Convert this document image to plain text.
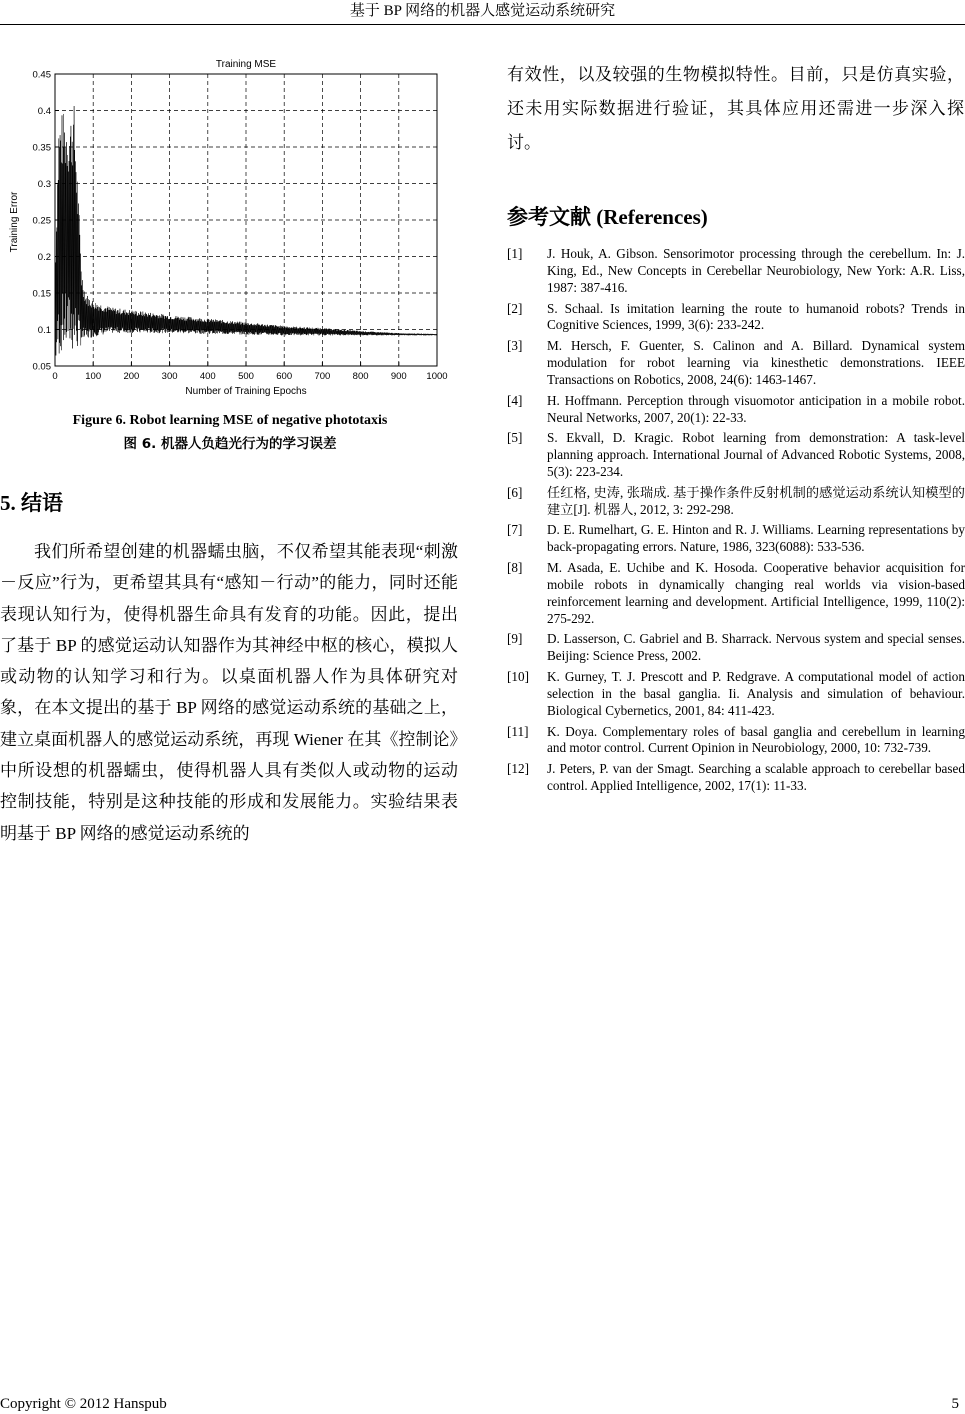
基于 BP 网络的机器人感觉运动系统研究
0	100 200 300 400 500 600 700 800 900 1000
0.05
0.1
0.15
0.2
0.25
0.3
0.35
0.4
0.45
Training MSE
Number of Training Epochs
Training Error
Figure 6. Robot learning MSE of negative phototaxis
图 6. 机器人负趋光行为的学习误差
5. 结语
我们所希望创建的机器蠕虫脑，不仅希望其能表现“刺激－反应”行为，更希望其具有“感知－行动”的能力，同时还能表现认知行为，使得机器生命具有发育的功能。因此，提出了基于 BP 的感觉运动认知器作为其神经中枢的核心，模拟人或动物的认知学习和行为。以桌面机器人作为具体研究对象，在本文提出的基于 BP 网络的感觉运动系统的基础之上，建立桌面机器人的感觉运动系统，再现 Wiener 在其《控制论》中所设想的机器蠕虫，使得机器人具有类似人或动物的运动控制技能，特别是这种技能的形成和发展能力。实验结果表明基于 BP 网络的感觉运动系统的
有效性，以及较强的生物模拟特性。目前，只是仿真实验，还未用实际数据进行验证，其具体应用还需进一步深入探讨。
参考文献 (References)
[1]	J. Houk, A. Gibson. Sensorimotor processing through the cerebellum. In: J. King, Ed., New Concepts in Cerebellar Neurobiology, New York: A.R. Liss, 1987: 387-416.
[2]	S. Schaal. Is imitation learning the route to humanoid robots? Trends in Cognitive Sciences, 1999, 3(6): 233-242.
[3]	M. Hersch, F. Guenter, S. Calinon and A. Billard. Dynamical system modulation for robot learning via kinesthetic demonstrations. IEEE Transactions on Robotics, 2008, 24(6): 1463-1467.
[4]	H. Hoffmann. Perception through visuomotor anticipation in a mobile robot. Neural Networks, 2007, 20(1): 22-33.
[5]	S. Ekvall, D. Kragic. Robot learning from demonstration: A task-level planning approach. International Journal of Advanced Robotic Systems, 2008, 5(3): 223-234.
[6]	任红格, 史涛, 张瑞成. 基于操作条件反射机制的感觉运动系统认知模型的建立[J]. 机器人, 2012, 3: 292-298.
[7]	D. E. Rumelhart, G. E. Hinton and R. J. Williams. Learning representations by back-propagating errors. Nature, 1986, 323(6088): 533-536.
[8]	M. Asada, E. Uchibe and K. Hosoda. Cooperative behavior acquisition for mobile robots in dynamically changing real worlds via vision-based reinforcement learning and development. Artificial Intelligence, 1999, 110(2): 275-292.
[9]	D. Lasserson, C. Gabriel and B. Sharrack. Nervous system and special senses. Beijing: Science Press, 2002.
[10]	K. Gurney, T. J. Prescott and P. Redgrave. A computational model of action selection in the basal ganglia. Ii. Analysis and simulation of behaviour. Biological Cybernetics, 2001, 84: 411-423.
[11]	K. Doya. Complementary roles of basal ganglia and cerebellum in learning and motor control. Current Opinion in Neurobiology, 2000, 10: 732-739.
[12]	J. Peters, P. van der Smagt. Searching a scalable approach to cerebellar based control. Applied Intelligence, 2002, 17(1): 11-33.
Copyright © 2012 Hanspub	5
